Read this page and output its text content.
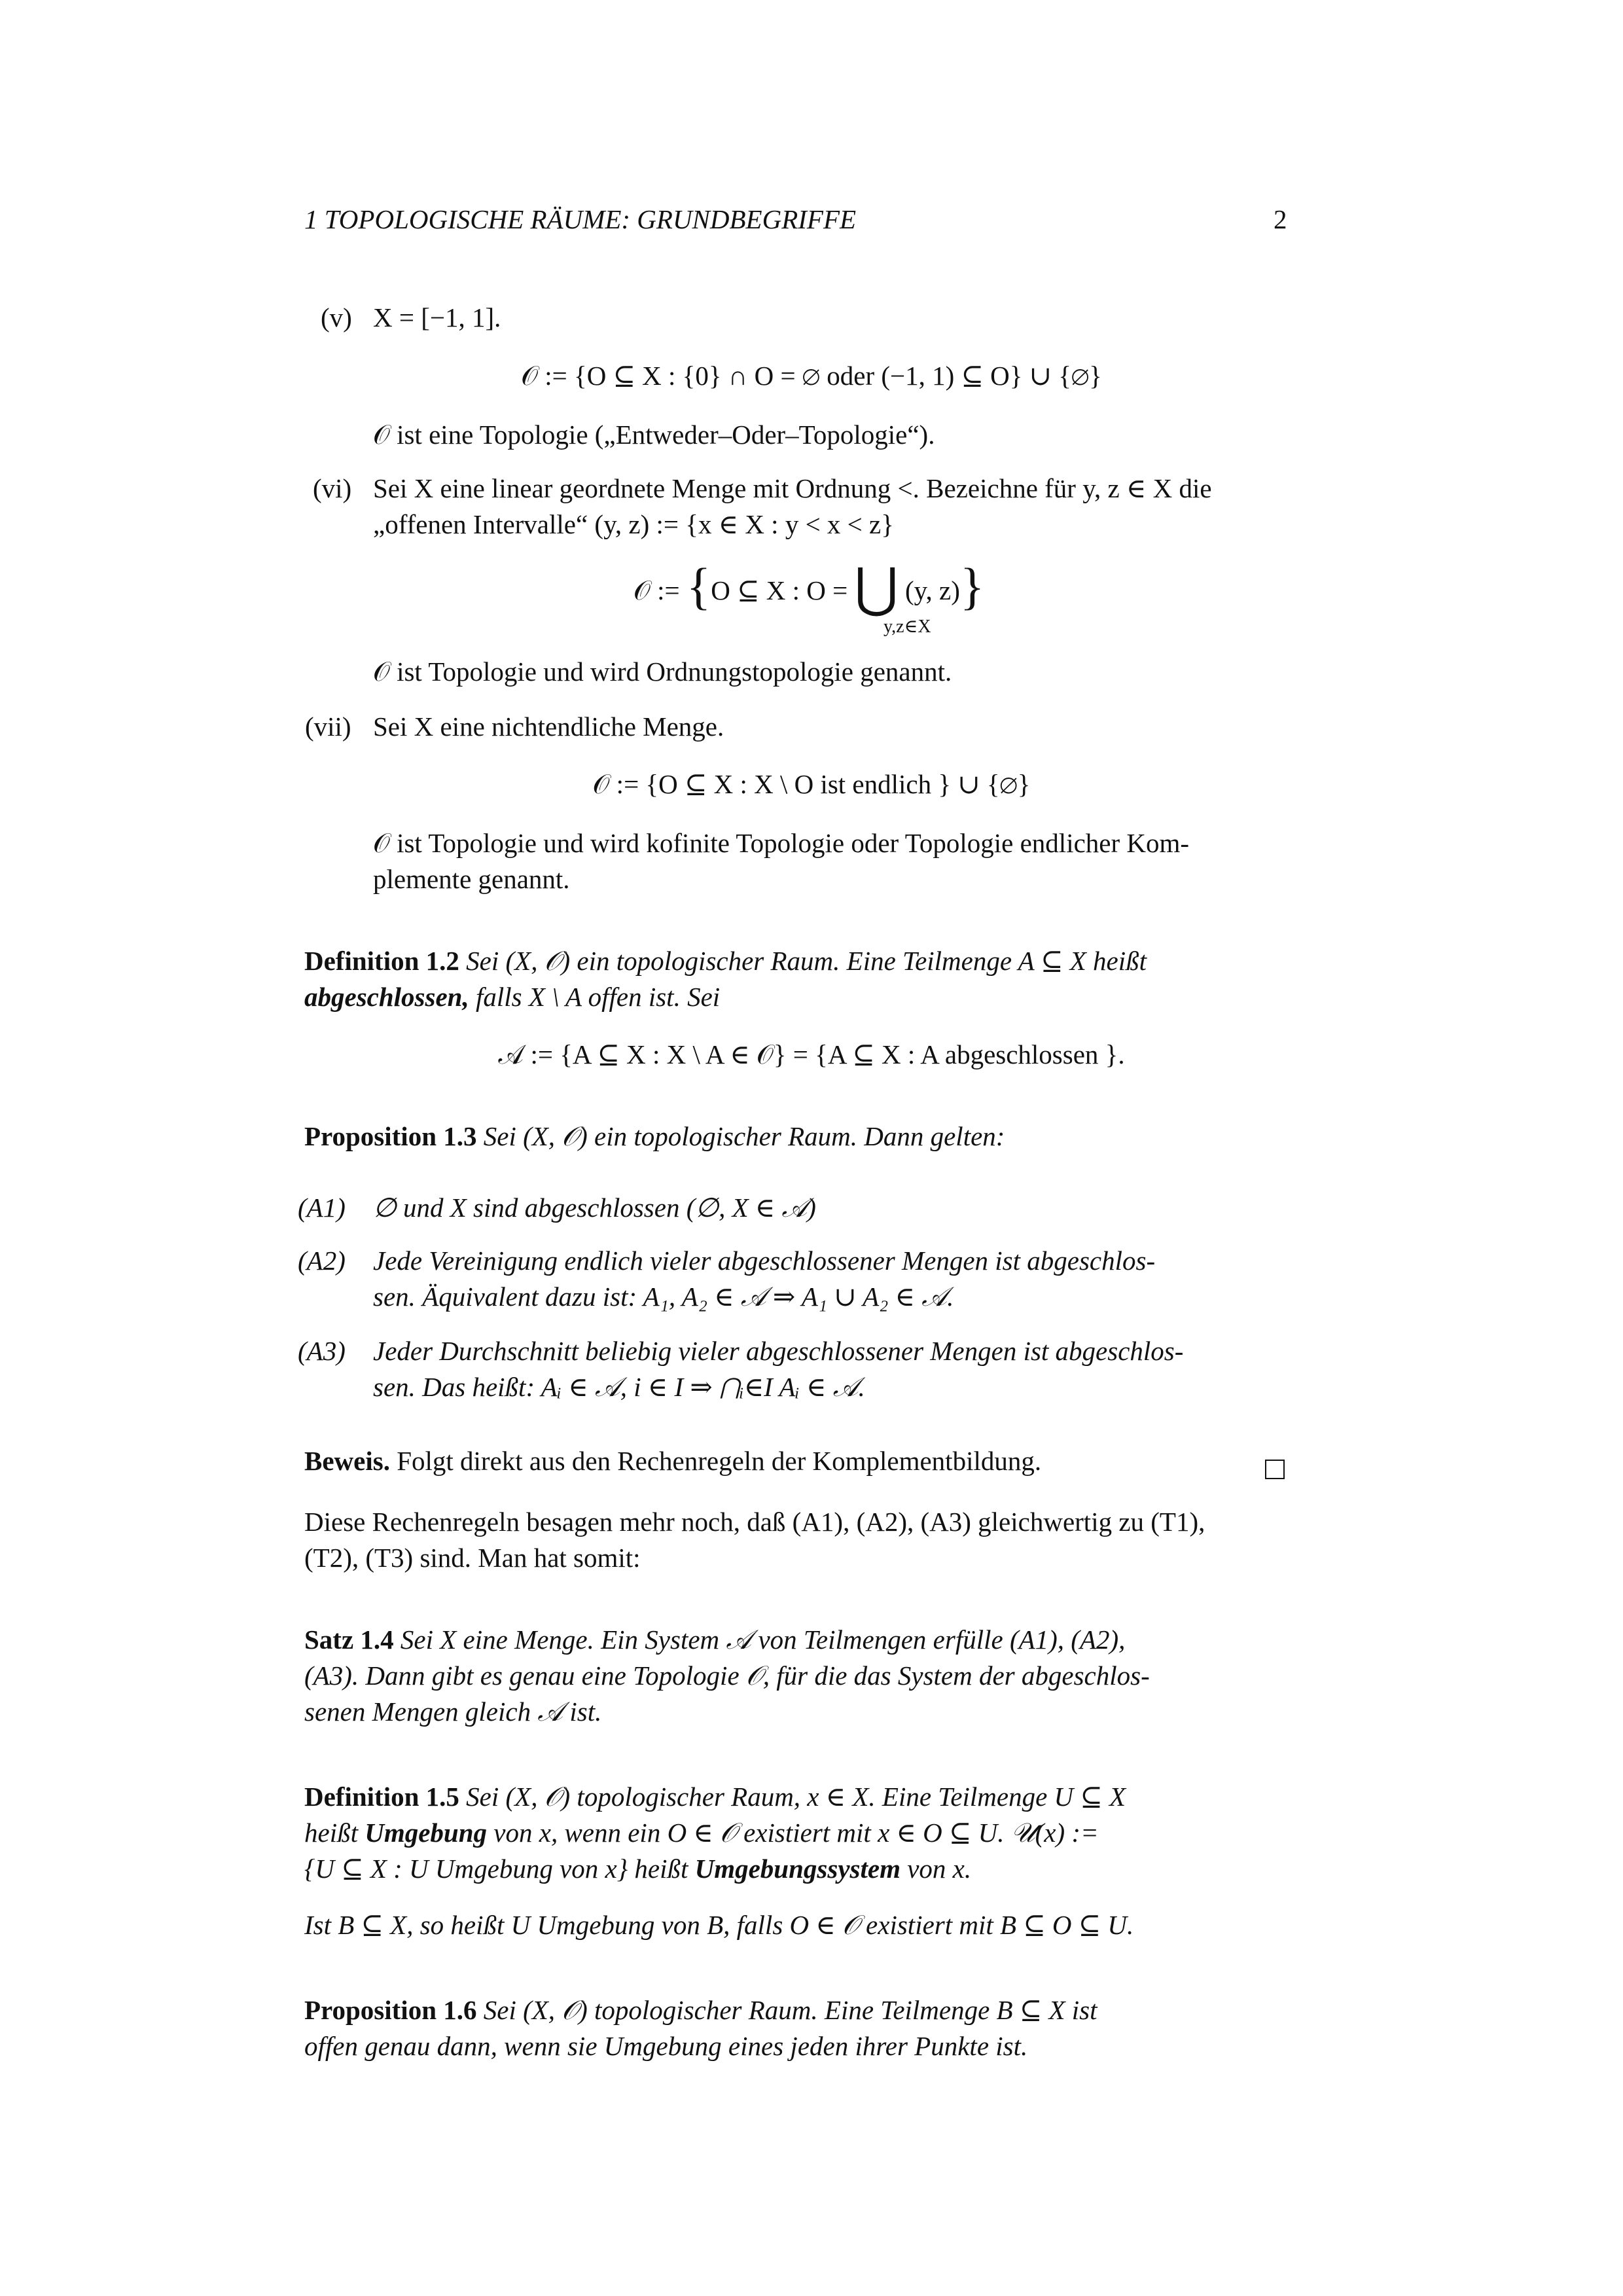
1 TOPOLOGISCHE RÄUME: GRUNDBEGRIFFE	2
(v) X = [−1, 1].
𝒪 := {O ⊆ X : {0} ∩ O = ∅ oder (−1, 1) ⊆ O} ∪ {∅}
𝒪 ist eine Topologie („Entweder–Oder–Topologie“).
(vi) Sei X eine linear geordnete Menge mit Ordnung <. Bezeichne für y, z ∈ X die
„offenen Intervalle“ (y, z) := {x ∈ X : y < x < z}
𝒪 := {O ⊆ X : O = ⋃ (y, z)}
y,z∈X
𝒪 ist Topologie und wird Ordnungstopologie genannt.
(vii) Sei X eine nichtendliche Menge.
𝒪 := {O ⊆ X : X \ O ist endlich } ∪ {∅}
𝒪 ist Topologie und wird kofinite Topologie oder Topologie endlicher Kom-
plemente genannt.
Definition 1.2 Sei (X, 𝒪) ein topologischer Raum. Eine Teilmenge A ⊆ X heißt
abgeschlossen, falls X \ A offen ist. Sei
𝒜 := {A ⊆ X : X \ A ∈ 𝒪} = {A ⊆ X : A abgeschlossen }.
Proposition 1.3 Sei (X, 𝒪) ein topologischer Raum. Dann gelten:
(A1) ∅ und X sind abgeschlossen (∅, X ∈ 𝒜)
(A2) Jede Vereinigung endlich vieler abgeschlossener Mengen ist abgeschlos-
sen. Äquivalent dazu ist: A₁, A₂ ∈ 𝒜 ⇒ A₁ ∪ A₂ ∈ 𝒜.
(A3) Jeder Durchschnitt beliebig vieler abgeschlossener Mengen ist abgeschlos-
sen. Das heißt: Aᵢ ∈ 𝒜, i ∈ I ⇒ ⋂ᵢ∈I Aᵢ ∈ 𝒜.
Beweis. Folgt direkt aus den Rechenregeln der Komplementbildung.
Diese Rechenregeln besagen mehr noch, daß (A1), (A2), (A3) gleichwertig zu (T1),
(T2), (T3) sind. Man hat somit:
Satz 1.4 Sei X eine Menge. Ein System 𝒜 von Teilmengen erfülle (A1), (A2),
(A3). Dann gibt es genau eine Topologie 𝒪, für die das System der abgeschlos-
senen Mengen gleich 𝒜 ist.
Definition 1.5 Sei (X, 𝒪) topologischer Raum, x ∈ X. Eine Teilmenge U ⊆ X
heißt Umgebung von x, wenn ein O ∈ 𝒪 existiert mit x ∈ O ⊆ U. 𝒰(x) :=
{U ⊆ X : U Umgebung von x} heißt Umgebungssystem von x.
Ist B ⊆ X, so heißt U Umgebung von B, falls O ∈ 𝒪 existiert mit B ⊆ O ⊆ U.
Proposition 1.6 Sei (X, 𝒪) topologischer Raum. Eine Teilmenge B ⊆ X ist
offen genau dann, wenn sie Umgebung eines jeden ihrer Punkte ist.
